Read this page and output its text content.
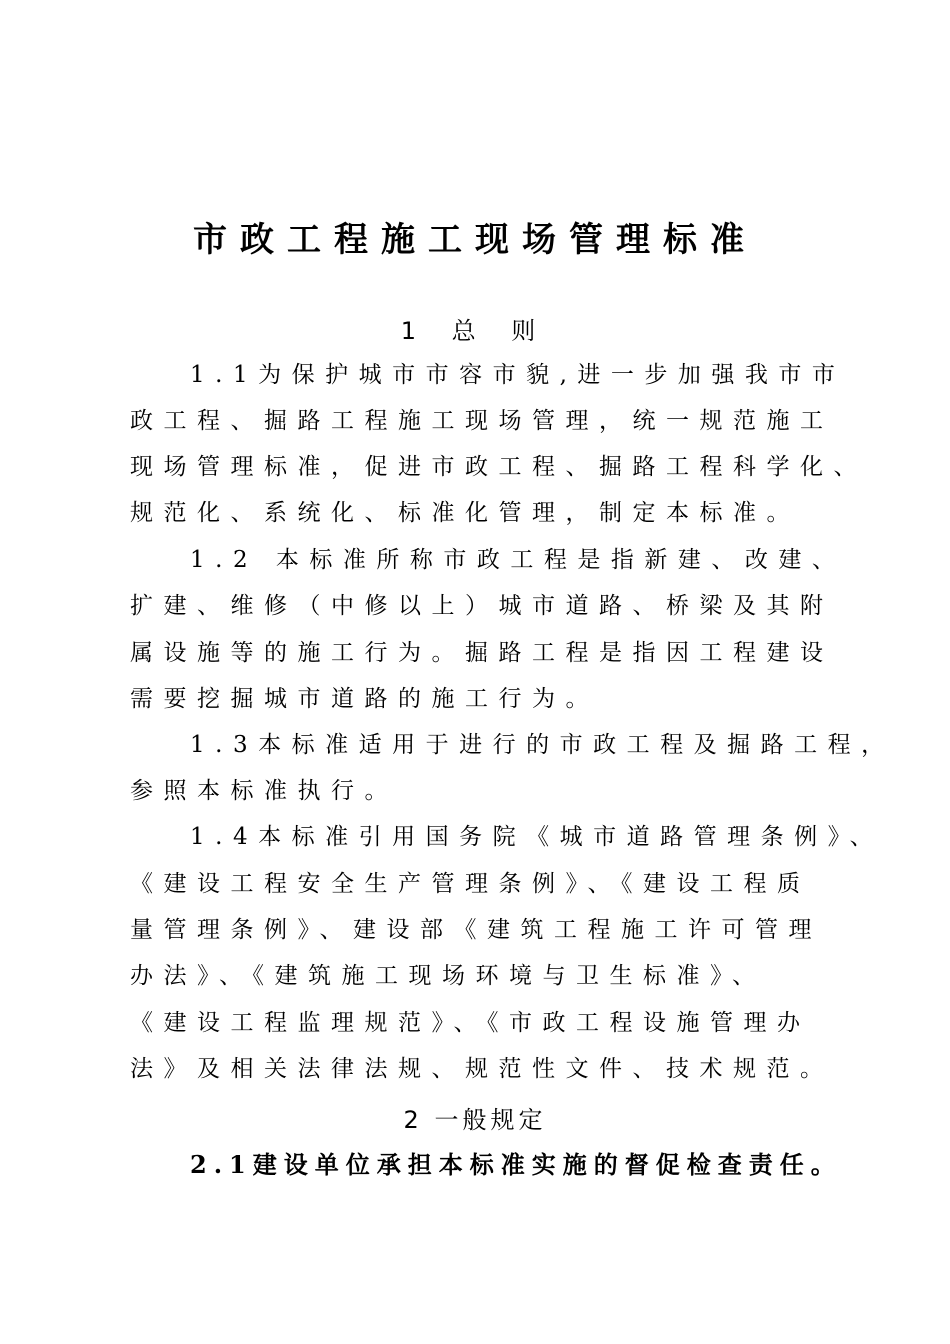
市政工程施工现场管理标准
1 总 则
1.1为保护城市市容市貌,进一步加强我市市
政工程、掘路工程施工现场管理，统一规范施工
现场管理标准，促进市政工程、掘路工程科学化、
规范化、系统化、标准化管理，制定本标准。
1.2 本标准所称市政工程是指新建、改建、
扩建、维修（中修以上）城市道路、桥梁及其附
属设施等的施工行为。掘路工程是指因工程建设
需要挖掘城市道路的施工行为。
1.3本标准适用于进行的市政工程及掘路工程，
参照本标准执行。
1.4本标准引用国务院《城市道路管理条例》、
《建设工程安全生产管理条例》、《建设工程质
量管理条例》、建设部《建筑工程施工许可管理
办法》、《建筑施工现场环境与卫生标准》、
《建设工程监理规范》、《市政工程设施管理办
法》及相关法律法规、规范性文件、技术规范。
2 一般规定
2.1建设单位承担本标准实施的督促检查责任。
